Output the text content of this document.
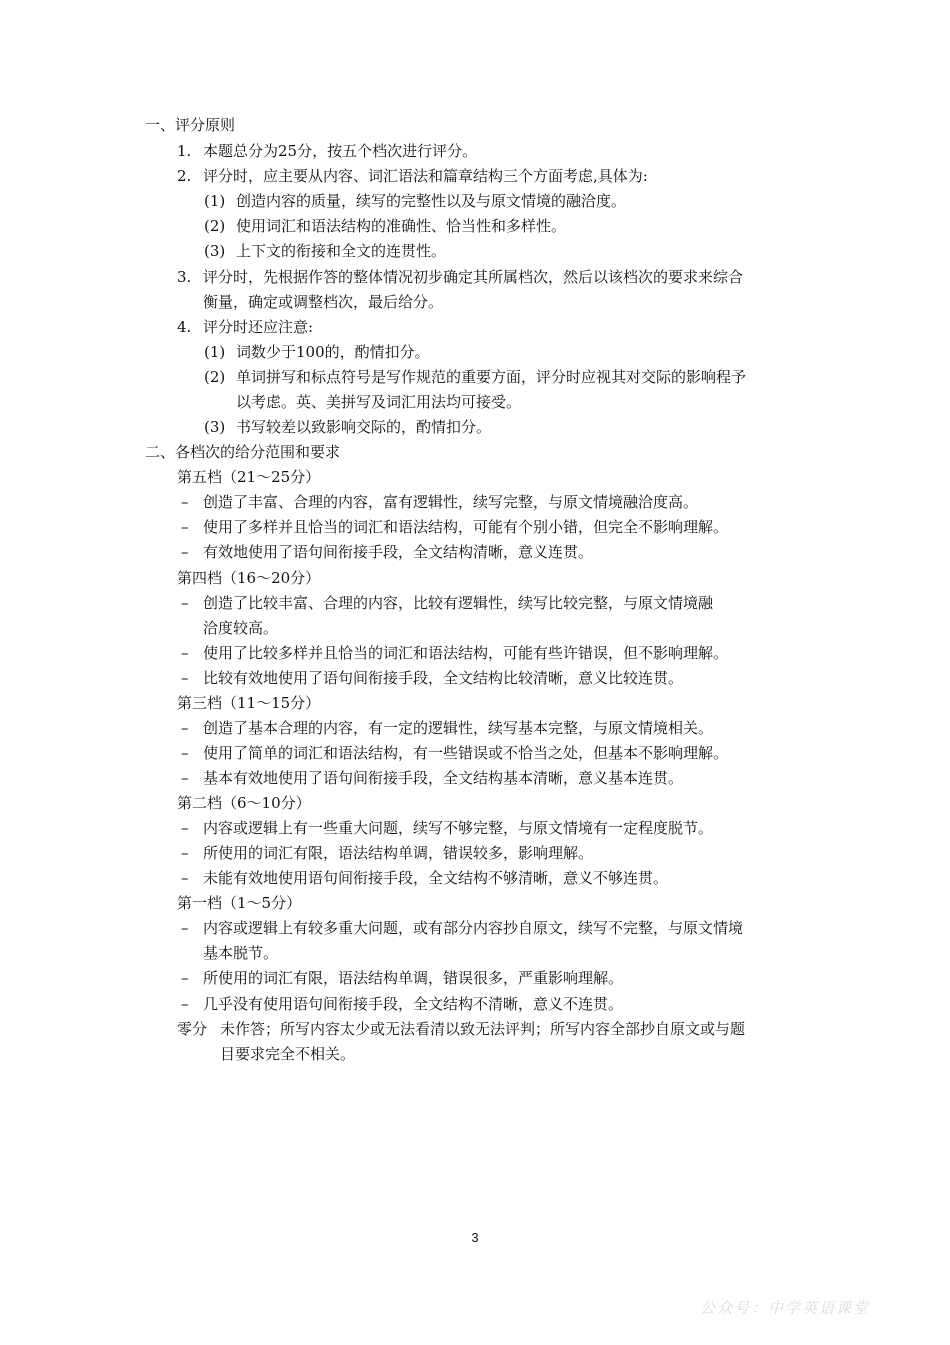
一、评分原则
1. 本题总分为25分，按五个档次进行评分。
2. 评分时，应主要从内容、词汇语法和篇章结构三个方面考虑,具体为:
(1) 创造内容的质量，续写的完整性以及与原文情境的融洽度。
(2) 使用词汇和语法结构的准确性、恰当性和多样性。
(3) 上下文的衔接和全文的连贯性。
3. 评分时，先根据作答的整体情况初步确定其所属档次，然后以该档次的要求来综合
衡量，确定或调整档次，最后给分。
4. 评分时还应注意:
(1) 词数少于100的，酌情扣分。
(2) 单词拼写和标点符号是写作规范的重要方面，评分时应视其对交际的影响程予
以考虑。英、美拼写及词汇用法均可接受。
(3) 书写较差以致影响交际的，酌情扣分。
二、各档次的给分范围和要求
第五档（21～25分）
– 创造了丰富、合理的内容，富有逻辑性，续写完整，与原文情境融洽度高。
– 使用了多样并且恰当的词汇和语法结构，可能有个别小错，但完全不影响理解。
– 有效地使用了语句间衔接手段，全文结构清晰，意义连贯。
第四档（16～20分）
– 创造了比较丰富、合理的内容，比较有逻辑性，续写比较完整，与原文情境融
洽度较高。
– 使用了比较多样并且恰当的词汇和语法结构，可能有些许错误，但不影响理解。
– 比较有效地使用了语句间衔接手段，全文结构比较清晰，意义比较连贯。
第三档（11～15分）
– 创造了基本合理的内容，有一定的逻辑性，续写基本完整，与原文情境相关。
– 使用了简单的词汇和语法结构，有一些错误或不恰当之处，但基本不影响理解。
– 基本有效地使用了语句间衔接手段，全文结构基本清晰，意义基本连贯。
第二档（6～10分）
– 内容或逻辑上有一些重大问题，续写不够完整，与原文情境有一定程度脱节。
– 所使用的词汇有限，语法结构单调，错误较多，影响理解。
– 未能有效地使用语句间衔接手段，全文结构不够清晰，意义不够连贯。
第一档（1～5分）
– 内容或逻辑上有较多重大问题，或有部分内容抄自原文，续写不完整，与原文情境
基本脱节。
– 所使用的词汇有限，语法结构单调，错误很多，严重影响理解。
– 几乎没有使用语句间衔接手段，全文结构不清晰，意义不连贯。
零分 未作答；所写内容太少或无法看清以致无法评判；所写内容全部抄自原文或与题
目要求完全不相关。
3
公众号：中学英语课堂
